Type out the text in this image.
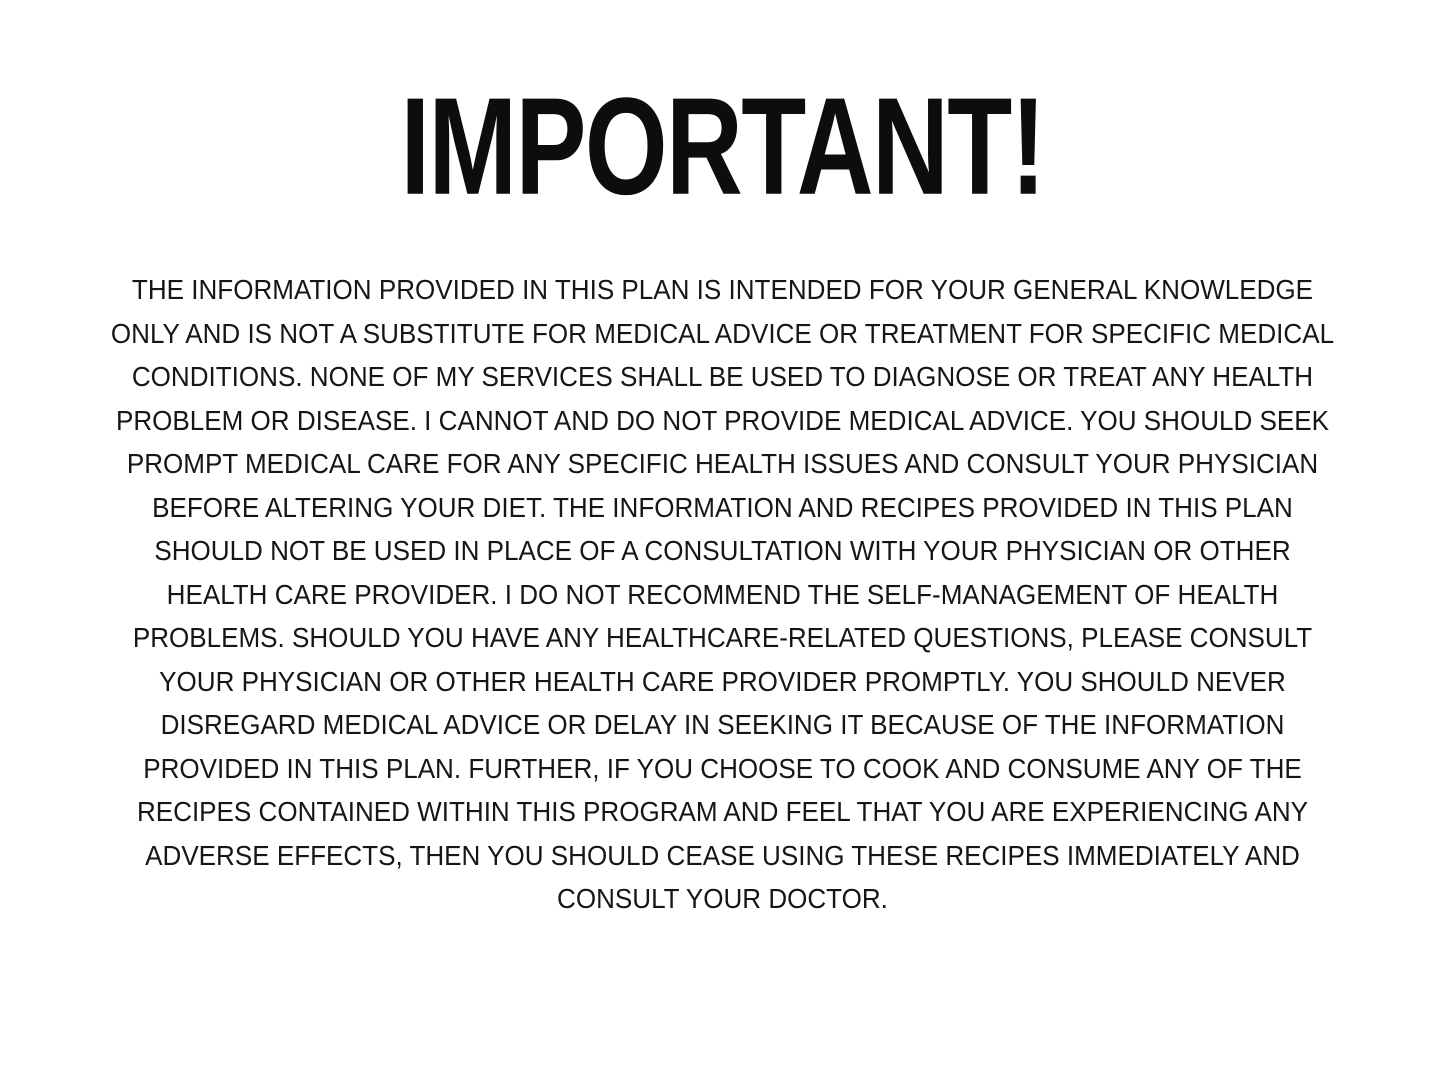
IMPORTANT!
THE INFORMATION PROVIDED IN THIS PLAN IS INTENDED FOR YOUR GENERAL KNOWLEDGE
ONLY AND IS NOT A SUBSTITUTE FOR MEDICAL ADVICE OR TREATMENT FOR SPECIFIC MEDICAL
CONDITIONS. NONE OF MY SERVICES SHALL BE USED TO DIAGNOSE OR TREAT ANY HEALTH
PROBLEM OR DISEASE. I CANNOT AND DO NOT PROVIDE MEDICAL ADVICE. YOU SHOULD SEEK
PROMPT MEDICAL CARE FOR ANY SPECIFIC HEALTH ISSUES AND CONSULT YOUR PHYSICIAN
BEFORE ALTERING YOUR DIET. THE INFORMATION AND RECIPES PROVIDED IN THIS PLAN
SHOULD NOT BE USED IN PLACE OF A CONSULTATION WITH YOUR PHYSICIAN OR OTHER
HEALTH CARE PROVIDER. I DO NOT RECOMMEND THE SELF-MANAGEMENT OF HEALTH
PROBLEMS. SHOULD YOU HAVE ANY HEALTHCARE-RELATED QUESTIONS, PLEASE CONSULT
YOUR PHYSICIAN OR OTHER HEALTH CARE PROVIDER PROMPTLY. YOU SHOULD NEVER
DISREGARD MEDICAL ADVICE OR DELAY IN SEEKING IT BECAUSE OF THE INFORMATION
PROVIDED IN THIS PLAN. FURTHER, IF YOU CHOOSE TO COOK AND CONSUME ANY OF THE
RECIPES CONTAINED WITHIN THIS PROGRAM AND FEEL THAT YOU ARE EXPERIENCING ANY
ADVERSE EFFECTS, THEN YOU SHOULD CEASE USING THESE RECIPES IMMEDIATELY AND
CONSULT YOUR DOCTOR.
